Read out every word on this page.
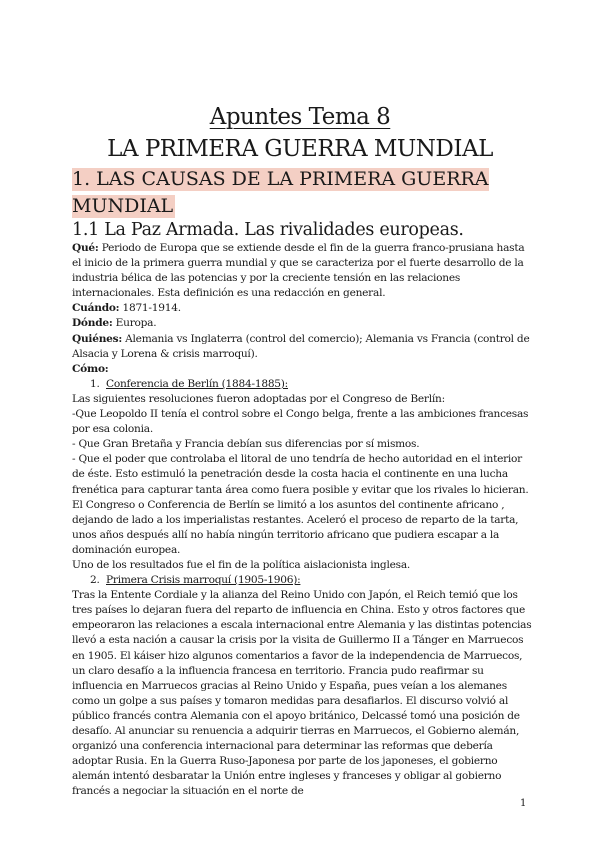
Apuntes Tema 8
LA PRIMERA GUERRA MUNDIAL
1. LAS CAUSAS DE LA PRIMERA GUERRA MUNDIAL
1.1 La Paz Armada. Las rivalidades europeas.

Qué: Periodo de Europa que se extiende desde el fin de la guerra franco-prusiana hasta el inicio de la primera guerra mundial y que se caracteriza por el fuerte desarrollo de la industria bélica de las potencias y por la creciente tensión en las relaciones internacionales. Esta definición es una redacción en general.

Cuándo: 1871-1914.

Dónde: Europa.

Quiénes: Alemania vs Inglaterra (control del comercio); Alemania vs Francia (control de Alsacia y Lorena & crisis marroquí).

Cómo:

1. Conferencia de Berlín (1884-1885):

Las siguientes resoluciones fueron adoptadas por el Congreso de Berlín:

-Que Leopoldo II tenía el control sobre el Congo belga, frente a las ambiciones francesas por esa colonia.

- Que Gran Bretaña y Francia debían sus diferencias por sí mismos.

- Que el poder que controlaba el litoral de uno tendría de hecho autoridad en el interior de éste. Esto estimuló la penetración desde la costa hacia el continente en una lucha frenética para capturar tanta área como fuera posible y evitar que los rivales lo hicieran.

El Congreso o Conferencia de Berlín se limitó a los asuntos del continente africano , dejando de lado a los imperialistas restantes. Aceleró el proceso de reparto de la tarta, unos años después allí no había ningún territorio africano que pudiera escapar a la dominación europea.

Uno de los resultados fue el fin de la política aislacionista inglesa.

2. Primera Crisis marroquí (1905-1906):

Tras la Entente Cordiale y la alianza del Reino Unido con Japón, el Reich temió que los tres países lo dejaran fuera del reparto de influencia en China. Esto y otros factores que empeoraron las relaciones a escala internacional entre Alemania y las distintas potencias llevó a esta nación a causar la crisis por la visita de Guillermo II a Tánger en Marruecos en 1905. El káiser hizo algunos comentarios a favor de la independencia de Marruecos, un claro desafío a la influencia francesa en territorio. Francia pudo reafirmar su influencia en Marruecos gracias al Reino Unido y España, pues veían a los alemanes como un golpe a sus países y tomaron medidas para desafiarlos. El discurso volvió al público francés contra Alemania con el apoyo británico, Delcassé tomó una posición de desafío. Al anunciar su renuencia a adquirir tierras en Marruecos, el Gobierno alemán, organizó una conferencia internacional para determinar las reformas que debería adoptar Rusia. En la Guerra Ruso-Japonesa por parte de los japoneses, el gobierno alemán intentó desbaratar la Unión entre ingleses y franceses y obligar al gobierno francés a negociar la situación en el norte de

1
